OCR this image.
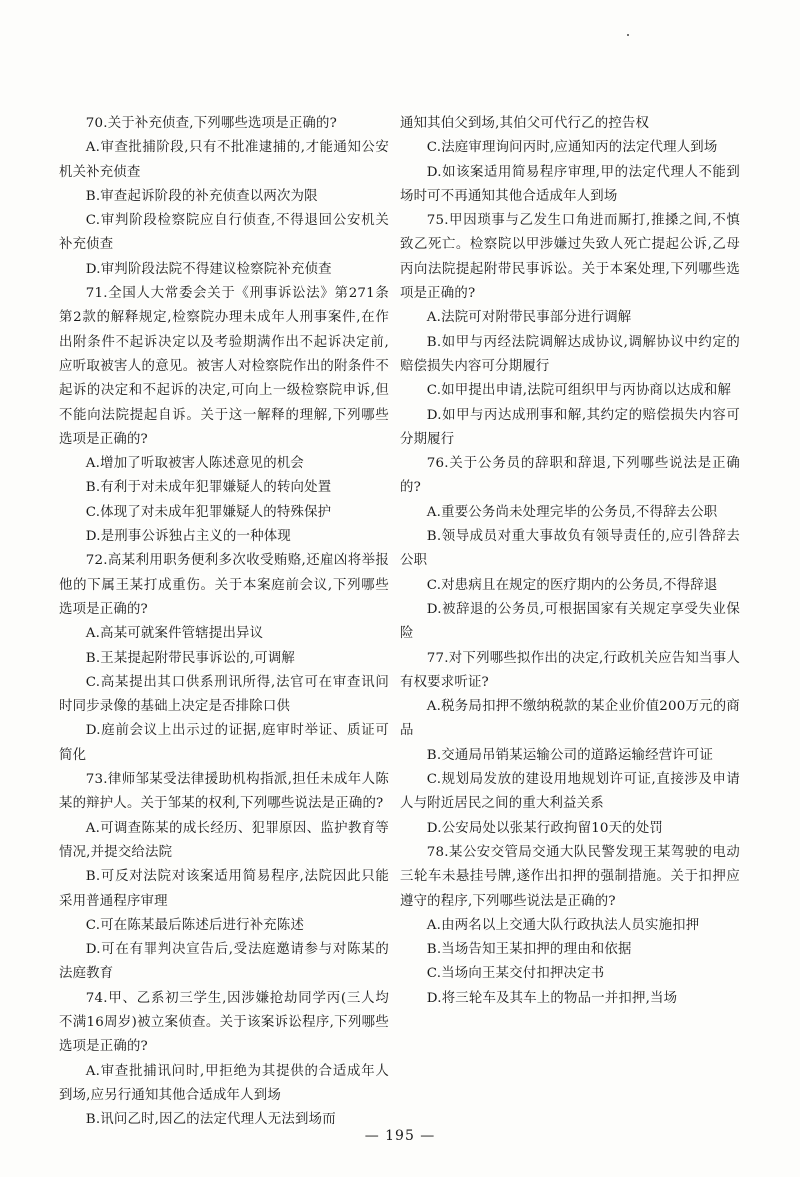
70.关于补充侦查,下列哪些选项是正确的?

A.审查批捕阶段,只有不批准逮捕的,才能通知公安机关补充侦查

B.审查起诉阶段的补充侦查以两次为限

C.审判阶段检察院应自行侦查,不得退回公安机关补充侦查

D.审判阶段法院不得建议检察院补充侦查

71.全国人大常委会关于《刑事诉讼法》第271条第2款的解释规定,检察院办理未成年人刑事案件,在作出附条件不起诉决定以及考验期满作出不起诉决定前,应听取被害人的意见。被害人对检察院作出的附条件不起诉的决定和不起诉的决定,可向上一级检察院申诉,但不能向法院提起自诉。关于这一解释的理解,下列哪些选项是正确的?

A.增加了听取被害人陈述意见的机会

B.有利于对未成年犯罪嫌疑人的转向处置

C.体现了对未成年犯罪嫌疑人的特殊保护

D.是刑事公诉独占主义的一种体现

72.高某利用职务便利多次收受贿赂,还雇凶将举报他的下属王某打成重伤。关于本案庭前会议,下列哪些选项是正确的?

A.高某可就案件管辖提出异议

B.王某提起附带民事诉讼的,可调解

C.高某提出其口供系刑讯所得,法官可在审查讯问时同步录像的基础上决定是否排除口供

D.庭前会议上出示过的证据,庭审时举证、质证可简化

73.律师邹某受法律援助机构指派,担任未成年人陈某的辩护人。关于邹某的权利,下列哪些说法是正确的?

A.可调查陈某的成长经历、犯罪原因、监护教育等情况,并提交给法院

B.可反对法院对该案适用简易程序,法院因此只能采用普通程序审理

C.可在陈某最后陈述后进行补充陈述

D.可在有罪判决宣告后,受法庭邀请参与对陈某的法庭教育

74.甲、乙系初三学生,因涉嫌抢劫同学丙(三人均不满16周岁)被立案侦查。关于该案诉讼程序,下列哪些选项是正确的?

A.审查批捕讯问时,甲拒绝为其提供的合适成年人到场,应另行通知其他合适成年人到场

B.讯问乙时,因乙的法定代理人无法到场而

通知其伯父到场,其伯父可代行乙的控告权

C.法庭审理询问丙时,应通知丙的法定代理人到场

D.如该案适用简易程序审理,甲的法定代理人不能到场时可不再通知其他合适成年人到场

75.甲因琐事与乙发生口角进而厮打,推搡之间,不慎致乙死亡。检察院以甲涉嫌过失致人死亡提起公诉,乙母丙向法院提起附带民事诉讼。关于本案处理,下列哪些选项是正确的?

A.法院可对附带民事部分进行调解

B.如甲与丙经法院调解达成协议,调解协议中约定的赔偿损失内容可分期履行

C.如甲提出申请,法院可组织甲与丙协商以达成和解

D.如甲与丙达成刑事和解,其约定的赔偿损失内容可分期履行

76.关于公务员的辞职和辞退,下列哪些说法是正确的?

A.重要公务尚未处理完毕的公务员,不得辞去公职

B.领导成员对重大事故负有领导责任的,应引咎辞去公职

C.对患病且在规定的医疗期内的公务员,不得辞退

D.被辞退的公务员,可根据国家有关规定享受失业保险

77.对下列哪些拟作出的决定,行政机关应告知当事人有权要求听证?

A.税务局扣押不缴纳税款的某企业价值200万元的商品

B.交通局吊销某运输公司的道路运输经营许可证

C.规划局发放的建设用地规划许可证,直接涉及申请人与附近居民之间的重大利益关系

D.公安局处以张某行政拘留10天的处罚

78.某公安交管局交通大队民警发现王某驾驶的电动三轮车未悬挂号牌,遂作出扣押的强制措施。关于扣押应遵守的程序,下列哪些说法是正确的?

A.由两名以上交通大队行政执法人员实施扣押

B.当场告知王某扣押的理由和依据

C.当场向王某交付扣押决定书

D.将三轮车及其车上的物品一并扣押,当场

— 195 —
